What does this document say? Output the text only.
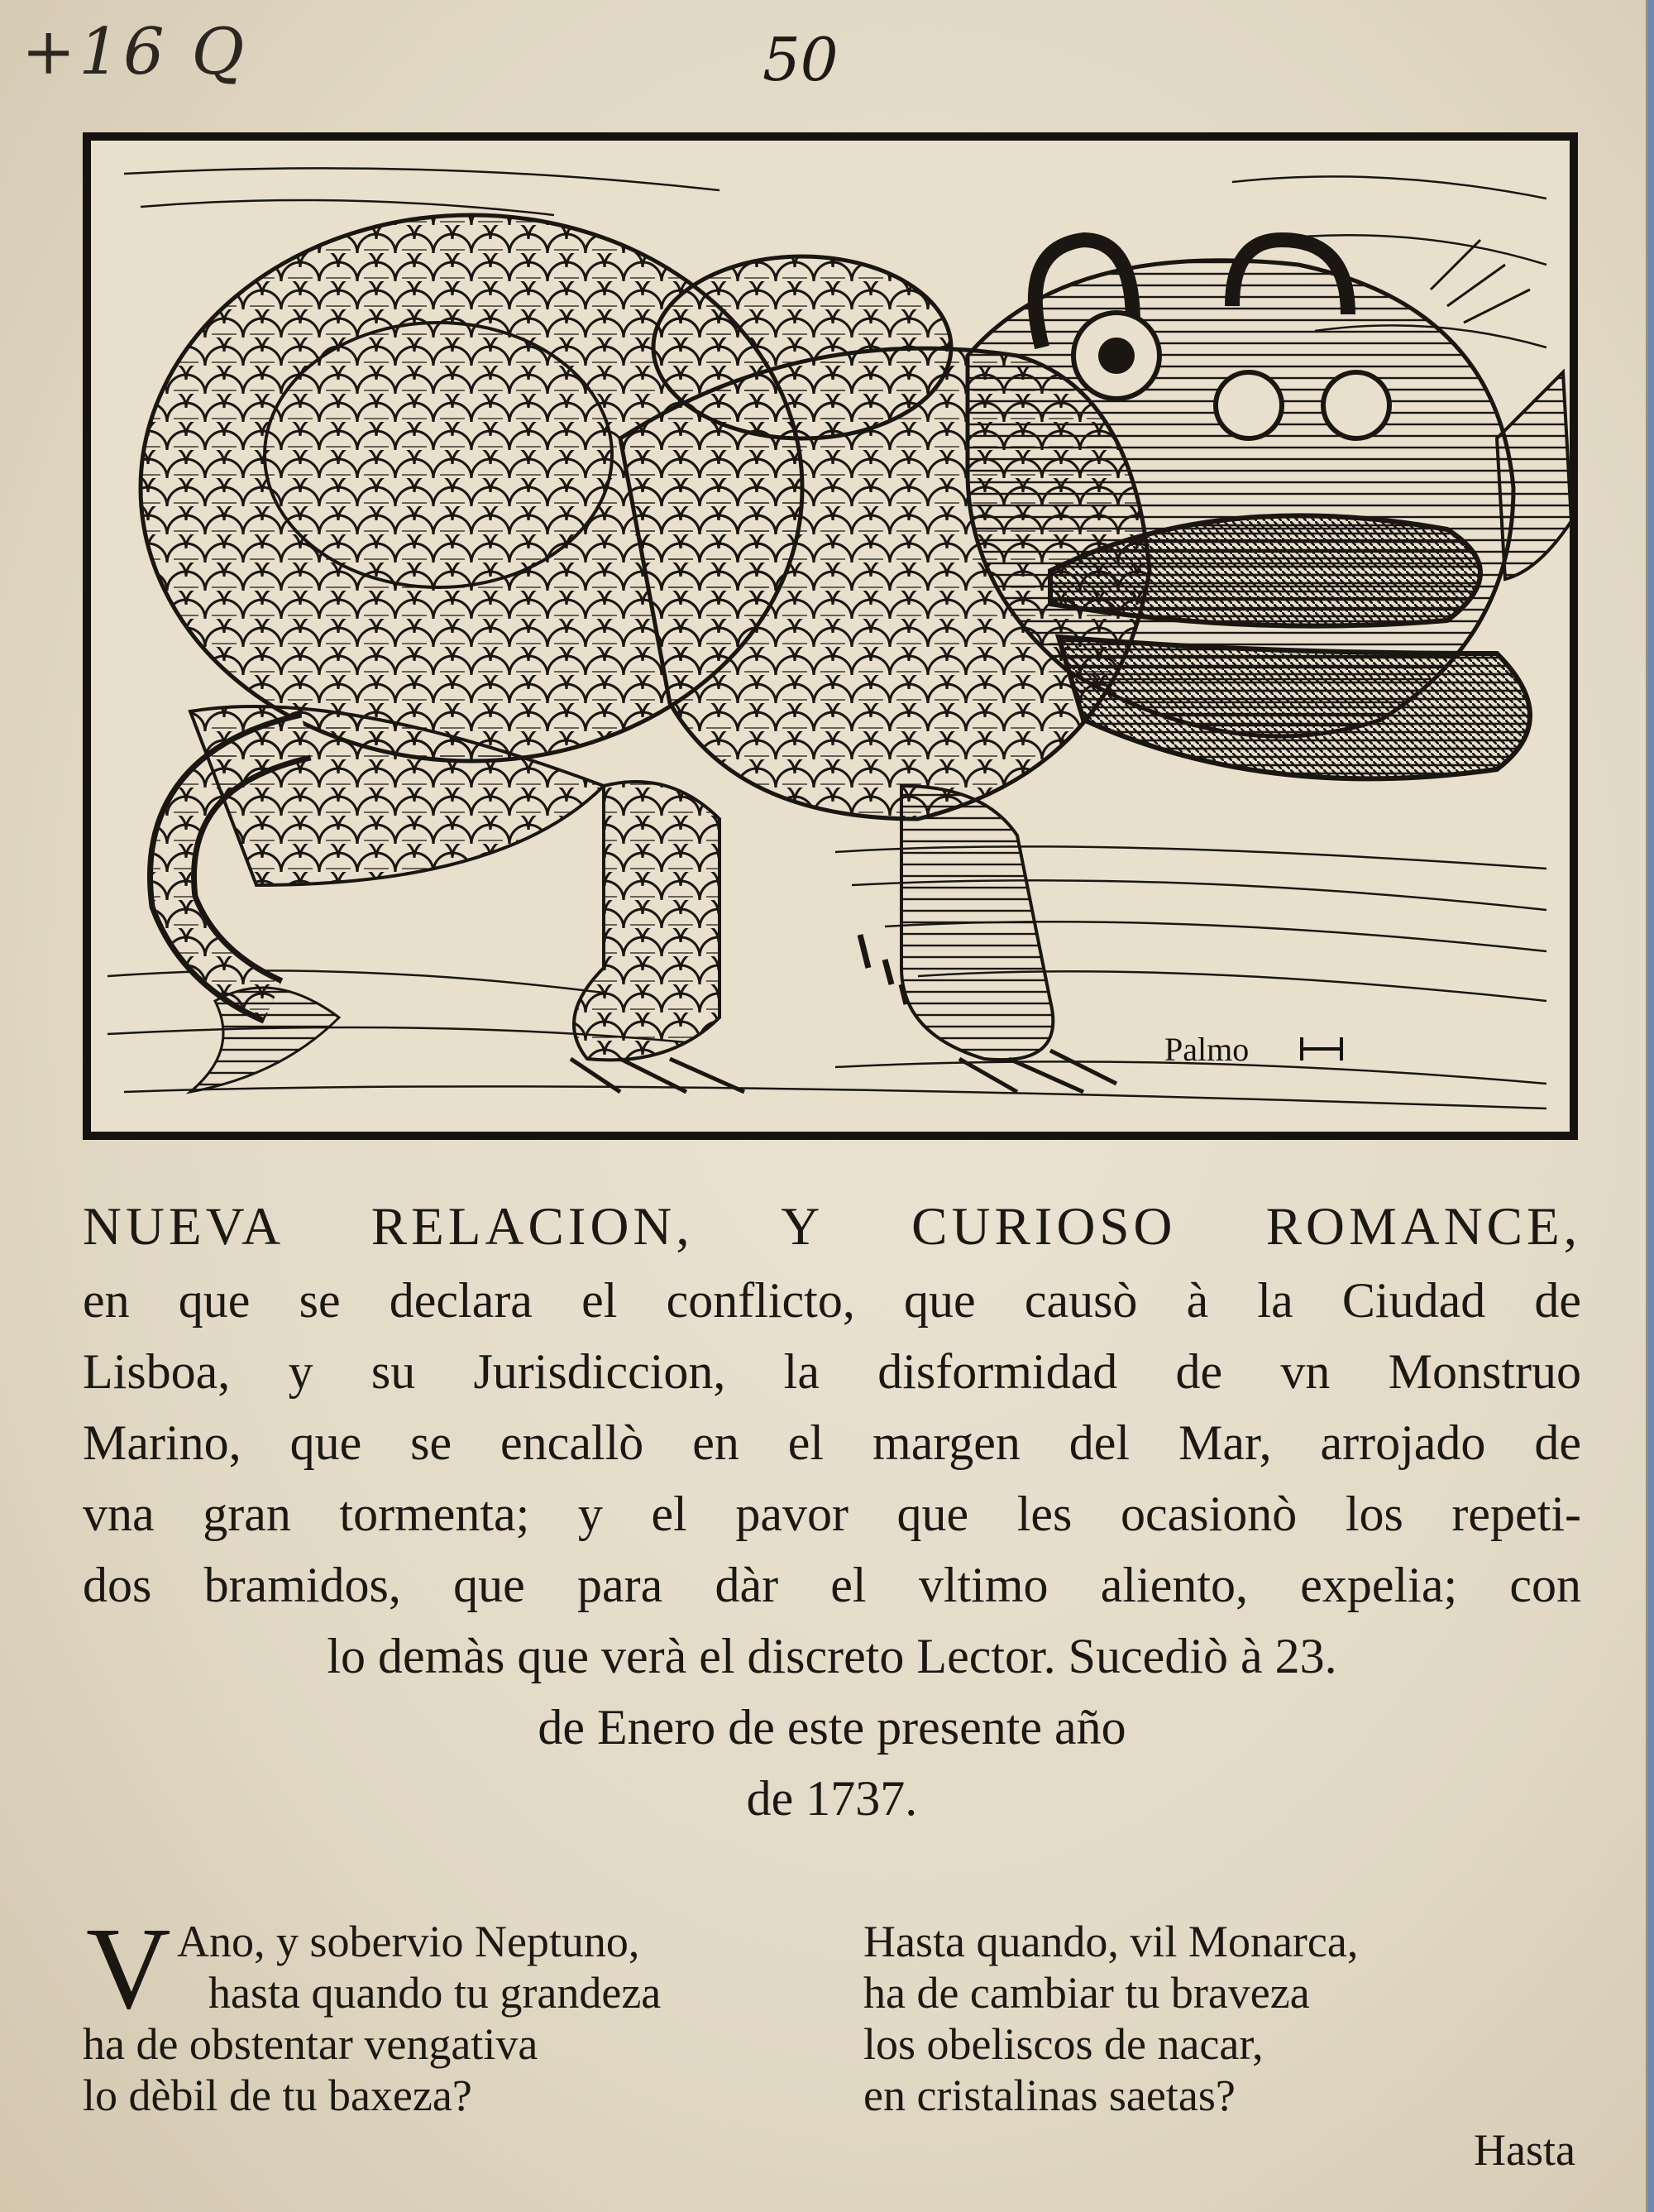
+16 Q	50
Palmo
NUEVA RELACION, Y CURIOSO ROMANCE,
en que se declara el conflicto, que causò à la Ciudad de
Lisboa, y su Jurisdiccion, la disformidad de vn Monstruo
Marino, que se encallò en el margen del Mar, arrojado de
vna gran tormenta; y el pavor que les ocasionò los repeti-
dos bramidos, que para dàr el vltimo aliento, expelia; con
lo demàs que verà el discreto Lector. Sucediò à 23.
de Enero de este presente año
de 1737.
V Ano, y sobervio Neptuno,
hasta quando tu grandeza
ha de obstentar vengativa
lo dèbil de tu baxeza?
Hasta quando, vil Monarca,
ha de cambiar tu braveza
los obeliscos de nacar,
en cristalinas saetas?
Hasta
